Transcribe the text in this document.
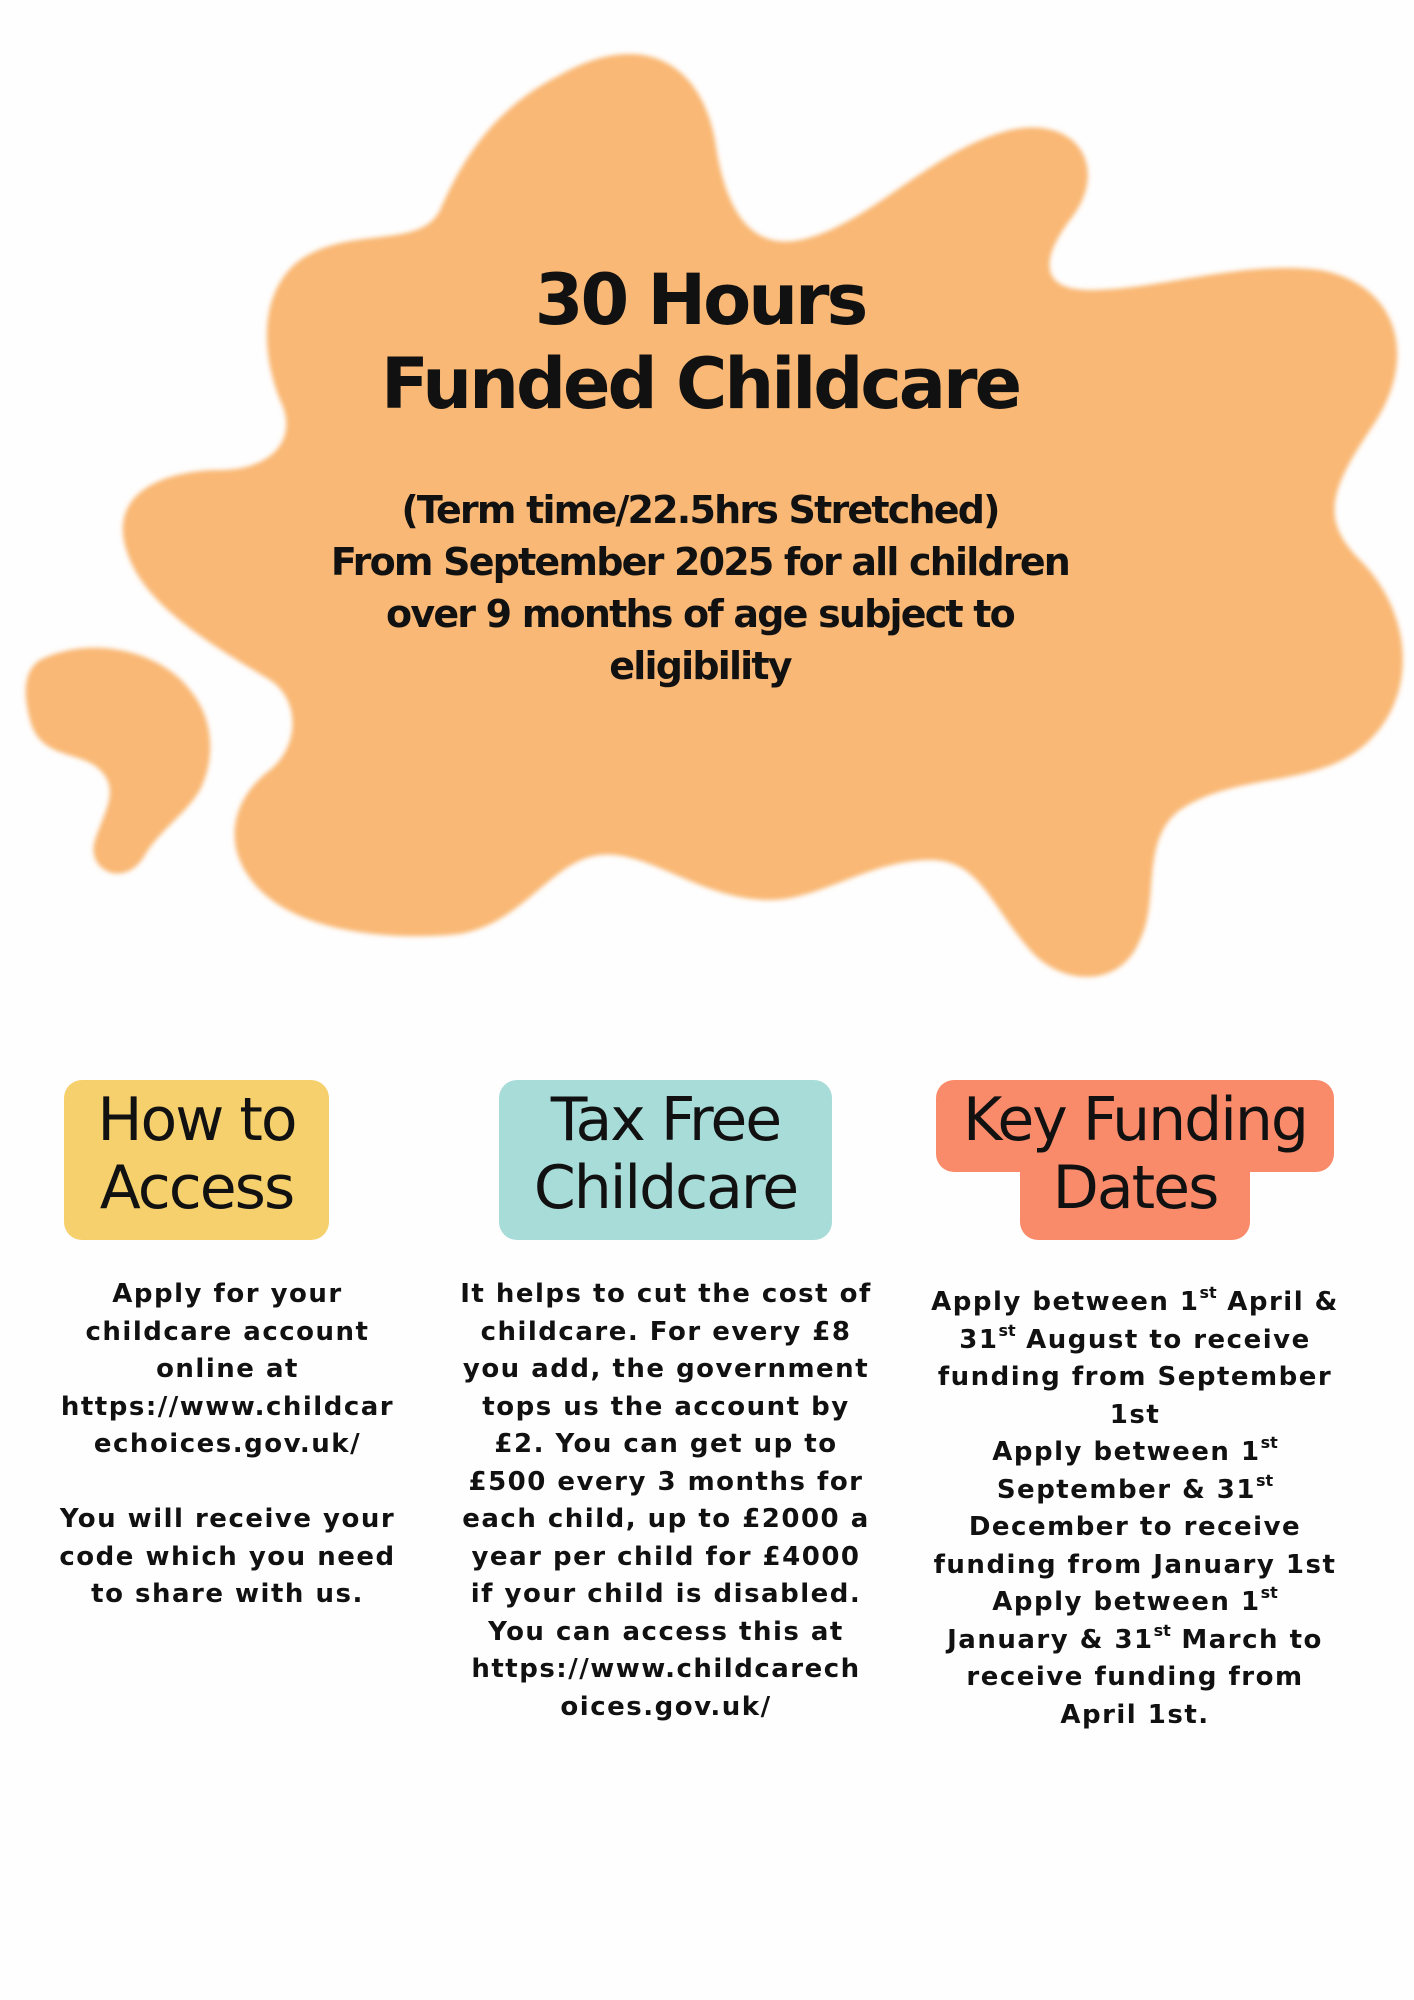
30 Hours
Funded Childcare
(Term time/22.5hrs Stretched)
From September 2025 for all children
over 9 months of age subject to
eligibility
How to
Access
Tax Free
Childcare
Key Funding
Dates

Apply for your

childcare account

online at

https://www.childcar

echoices.gov.uk/

You will receive your

code which you need

to share with us.

It helps to cut the cost of

childcare. For every £8

you add, the government

tops us the account by

£2. You can get up to

£500 every 3 months for

each child, up to £2000 a

year per child for £4000

if your child is disabled.

You can access this at

https://www.childcarech

oices.gov.uk/

Apply between 1st April &

31st August to receive

funding from September

1st

Apply between 1st

September & 31st

December to receive

funding from January 1st

Apply between 1st

January & 31st March to

receive funding from

April 1st.
